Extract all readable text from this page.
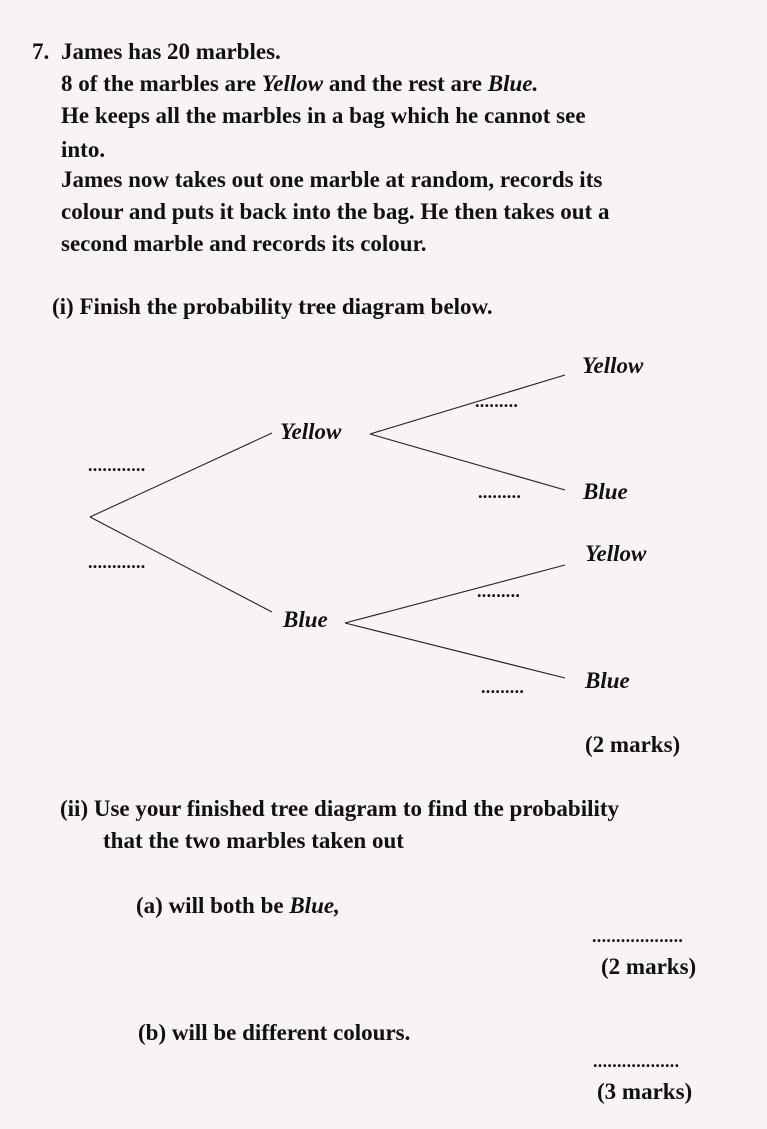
7. James has 20 marbles.
8 of the marbles are Yellow and the rest are Blue.
He keeps all the marbles in a bag which he cannot see
into.
James now takes out one marble at random, records its
colour and puts it back into the bag. He then takes out a
second marble and records its colour.
(i) Finish the probability tree diagram below.
Yellow
Blue
Yellow
Blue
Yellow
Blue
............
............
.........
.........
.........
.........
(2 marks)
(ii) Use your finished tree diagram to find the probability
that the two marbles taken out
(a) will both be Blue,
...................
(2 marks)
(b) will be different colours.
..................
(3 marks)
